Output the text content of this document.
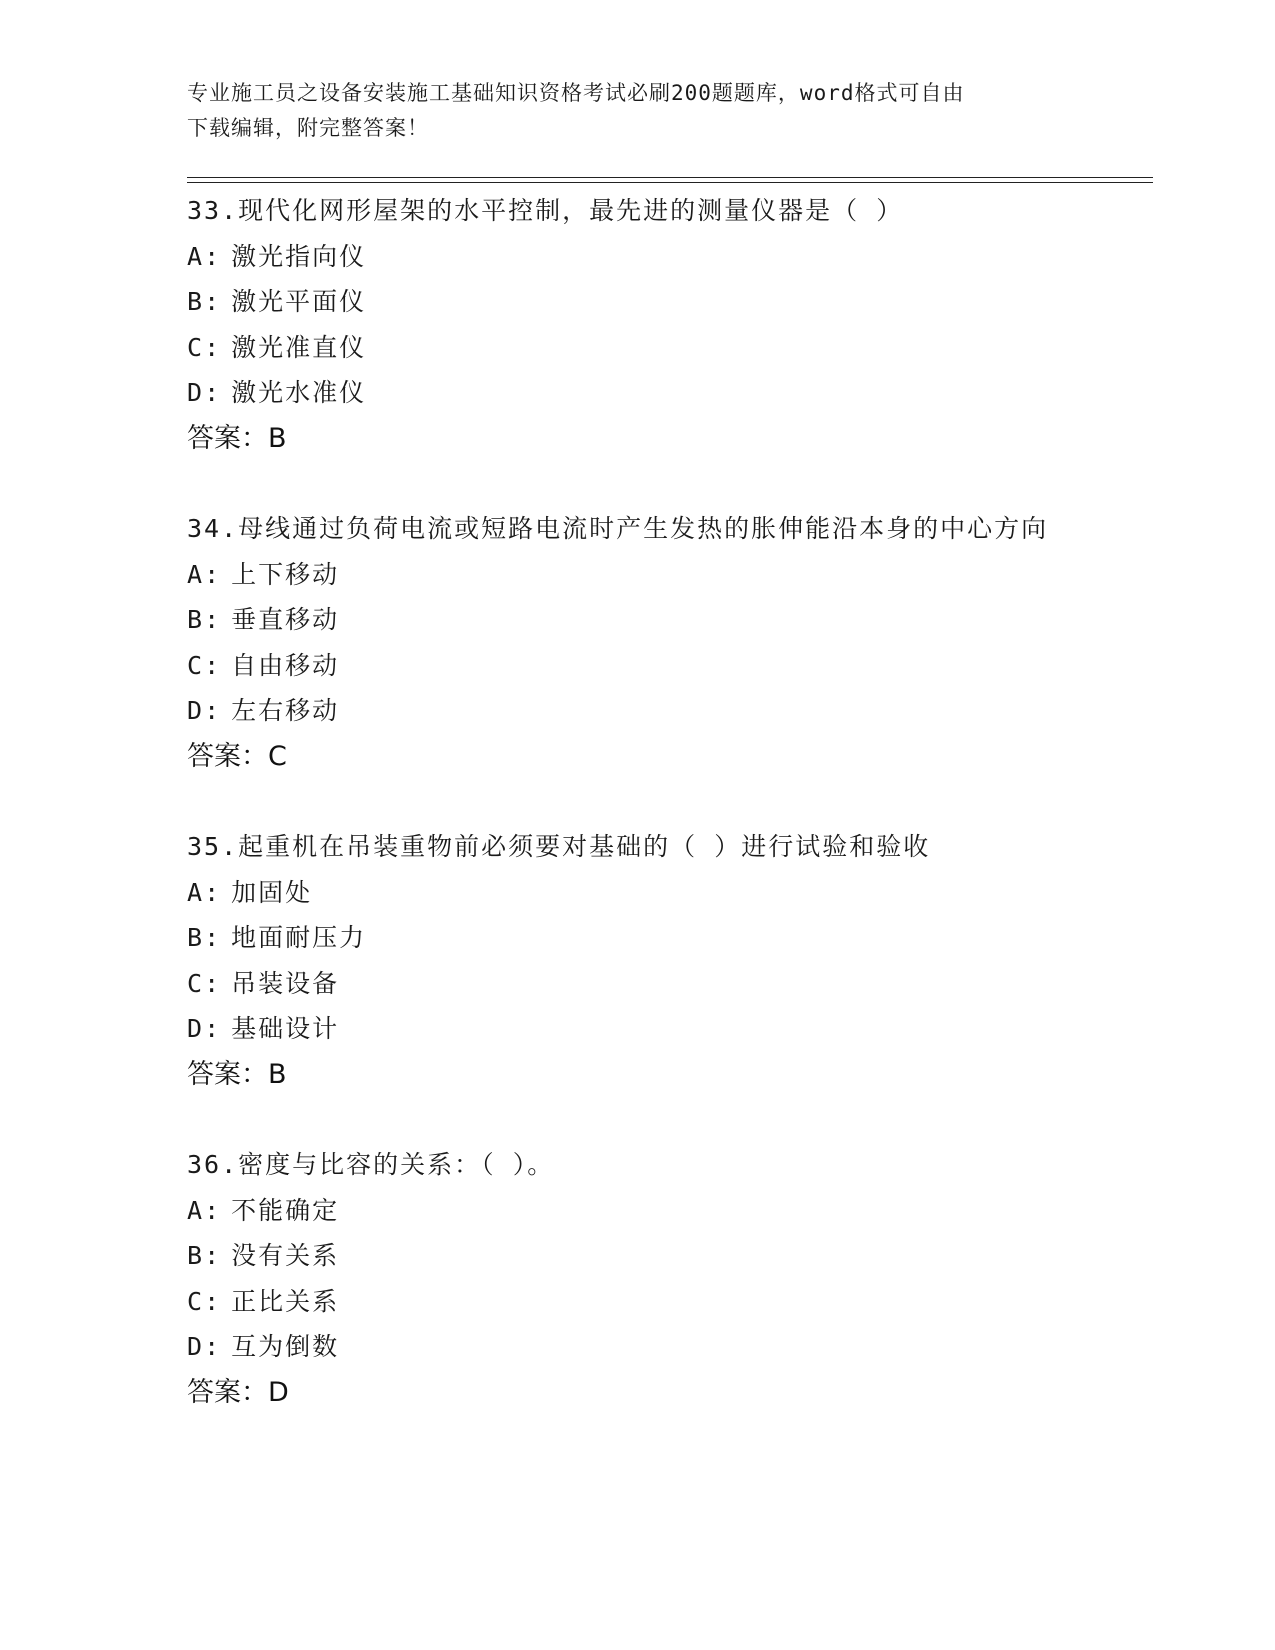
专业施工员之设备安装施工基础知识资格考试必刷200题题库，word格式可自由
下载编辑，附完整答案！

33.现代化网形屋架的水平控制，最先进的测量仪器是（ ）

A: 激光指向仪

B: 激光平面仪

C: 激光准直仪

D: 激光水准仪

答案：B

34.母线通过负荷电流或短路电流时产生发热的胀伸能沿本身的中心方向

A: 上下移动

B: 垂直移动

C: 自由移动

D: 左右移动

答案：C

35.起重机在吊装重物前必须要对基础的（ ）进行试验和验收

A: 加固处

B: 地面耐压力

C: 吊装设备

D: 基础设计

答案：B

36.密度与比容的关系：（ ）。

A: 不能确定

B: 没有关系

C: 正比关系

D: 互为倒数

答案：D
